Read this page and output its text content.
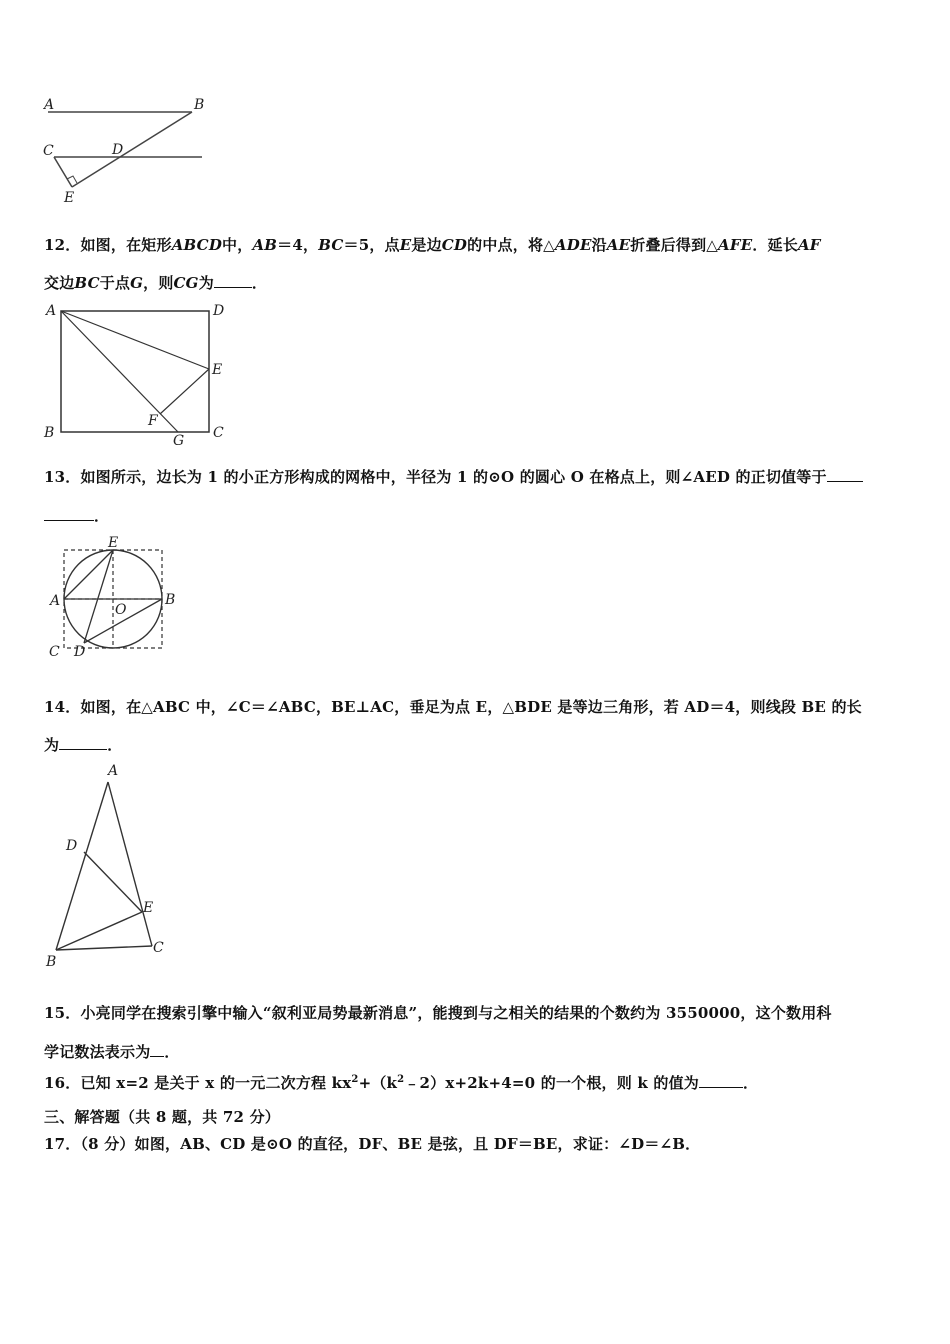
A	B
C	D
E
12．如图，在矩形ABCD中，AB＝4，BC＝5，点E是边CD的中点，将△ADE沿AE折叠后得到△AFE．延长AF
交边BC于点G，则CG为	．
A	D
E
B	C
F
G
13．如图所示，边长为 1 的小正方形构成的网格中，半径为 1 的⊙O 的圆心 O 在格点上，则∠AED 的正切值等于
．
E
A	B
O
C D
14．如图，在△ABC 中，∠C＝∠ABC，BE⊥AC，垂足为点 E，△BDE 是等边三角形，若 AD＝4，则线段 BE 的长
为	．
A
D
E
B
C
15．小亮同学在搜索引擎中输入“叙利亚局势最新消息”，能搜到与之相关的结果的个数约为 3550000，这个数用科
学记数法表示为 ．
16．已知 x=2 是关于 x 的一元二次方程 $kx^2+(k^2﹣2)x+2k+4=0$ 的一个根，则 k 的值为	．
三、解答题（共 8 题，共 72 分）
17．（8 分）如图，AB、CD 是⊙O 的直径，DF、BE 是弦，且 DF＝BE，求证：∠D＝∠B．
